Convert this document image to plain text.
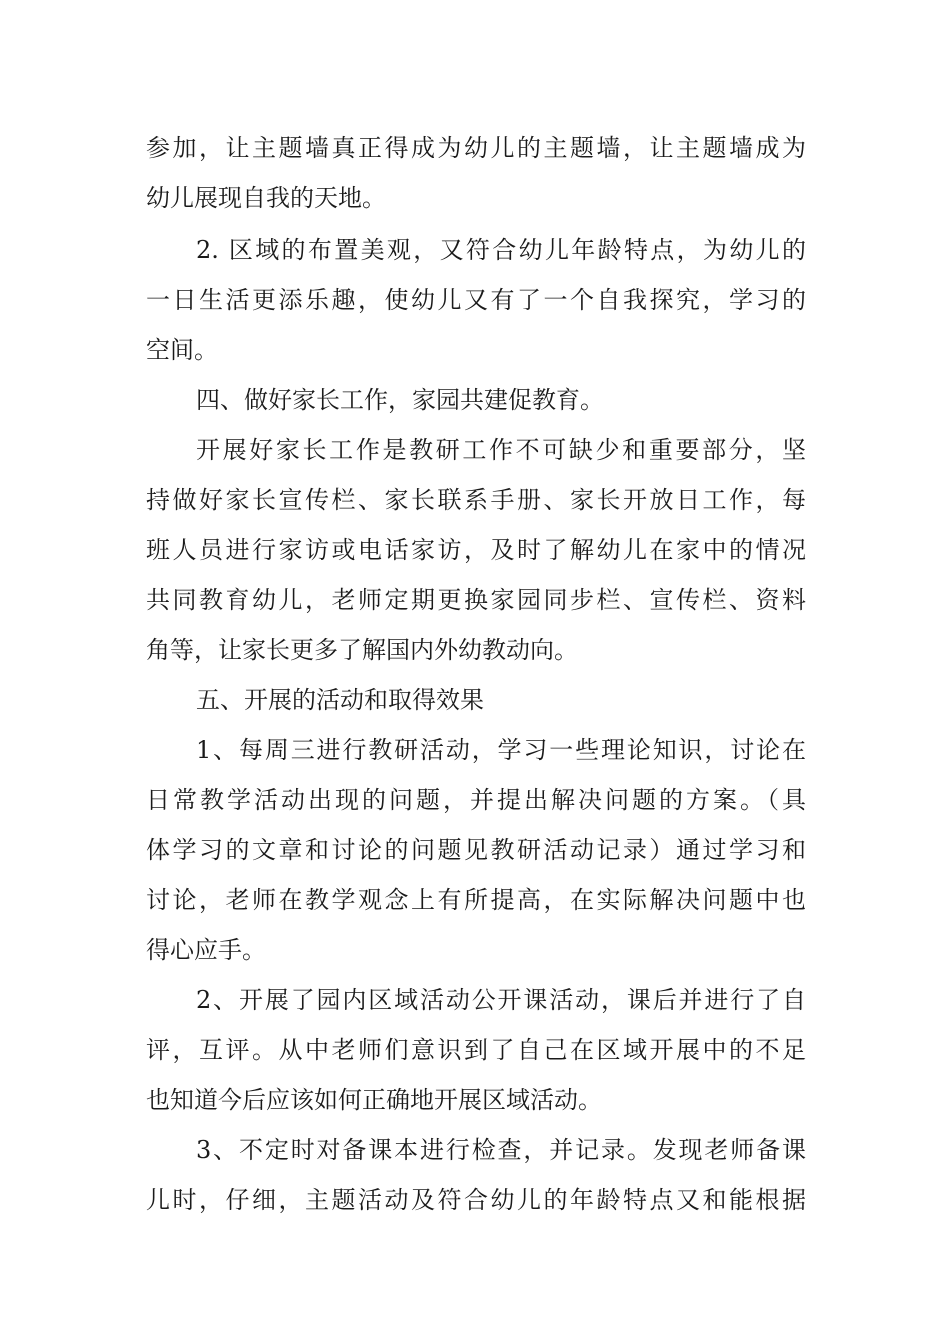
参加，让主题墙真正得成为幼儿的主题墙，让主题墙成为
幼儿展现自我的天地。
2. 区域的布置美观，又符合幼儿年龄特点，为幼儿的
一日生活更添乐趣，使幼儿又有了一个自我探究，学习的
空间。
四、做好家长工作，家园共建促教育。
开展好家长工作是教研工作不可缺少和重要部分，坚
持做好家长宣传栏、家长联系手册、家长开放日工作，每
班人员进行家访或电话家访，及时了解幼儿在家中的情况
共同教育幼儿，老师定期更换家园同步栏、宣传栏、资料
角等，让家长更多了解国内外幼教动向。
五、开展的活动和取得效果
1、每周三进行教研活动，学习一些理论知识，讨论在
日常教学活动出现的问题，并提出解决问题的方案。（具
体学习的文章和讨论的问题见教研活动记录）通过学习和
讨论，老师在教学观念上有所提高，在实际解决问题中也
得心应手。
2、开展了园内区域活动公开课活动，课后并进行了自
评，互评。从中老师们意识到了自己在区域开展中的不足
也知道今后应该如何正确地开展区域活动。
3、不定时对备课本进行检查，并记录。发现老师备课
儿时，仔细，主题活动及符合幼儿的年龄特点又和能根据
